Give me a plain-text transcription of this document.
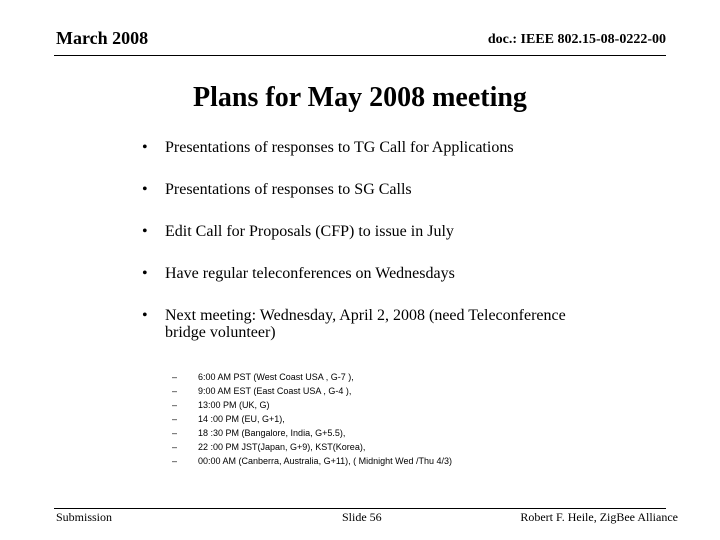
March 2008	doc.: IEEE 802.15-08-0222-00
Plans for May 2008 meeting
• Presentations of responses to TG Call for Applications
• Presentations of responses to SG Calls
• Edit Call for Proposals (CFP) to issue in July
• Have regular teleconferences on Wednesdays
• Next meeting: Wednesday, April 2, 2008 (need Teleconference bridge volunteer)
– 6:00 AM PST (West Coast USA , G-7 ),
– 9:00 AM EST (East Coast USA , G-4 ),
– 13:00 PM (UK, G)
– 14 :00 PM (EU, G+1),
– 18 :30 PM (Bangalore, India, G+5.5),
– 22 :00 PM JST(Japan, G+9), KST(Korea),
– 00:00 AM (Canberra, Australia, G+11), ( Midnight Wed /Thu 4/3)
Submission	Slide 56	Robert F. Heile, ZigBee Alliance
